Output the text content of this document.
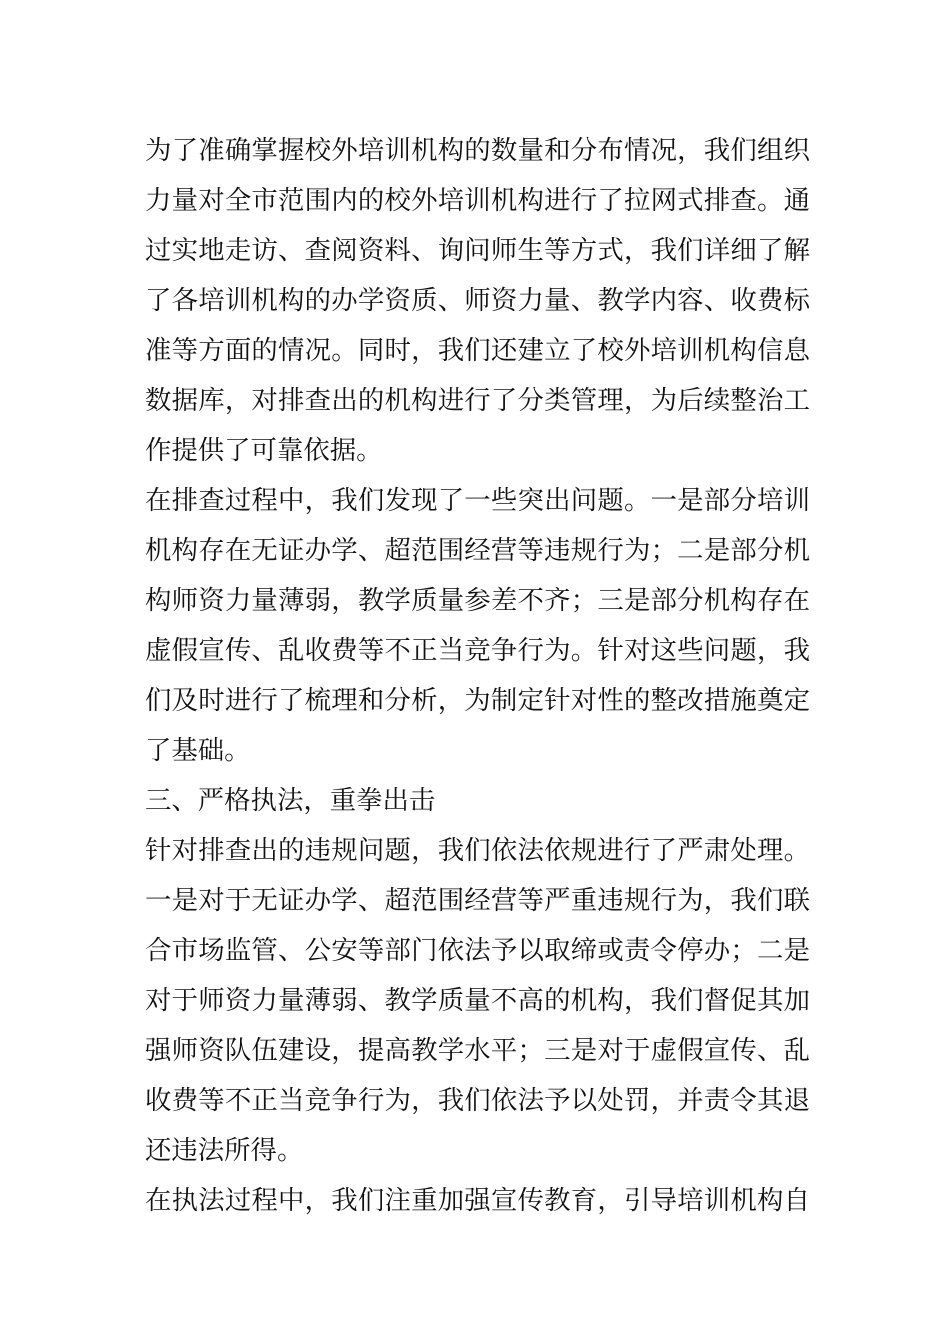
为了准确掌握校外培训机构的数量和分布情况，我们组织
力量对全市范围内的校外培训机构进行了拉网式排查。通
过实地走访、查阅资料、询问师生等方式，我们详细了解
了各培训机构的办学资质、师资力量、教学内容、收费标
准等方面的情况。同时，我们还建立了校外培训机构信息
数据库，对排查出的机构进行了分类管理，为后续整治工
作提供了可靠依据。
在排查过程中，我们发现了一些突出问题。一是部分培训
机构存在无证办学、超范围经营等违规行为；二是部分机
构师资力量薄弱，教学质量参差不齐；三是部分机构存在
虚假宣传、乱收费等不正当竞争行为。针对这些问题，我
们及时进行了梳理和分析，为制定针对性的整改措施奠定
了基础。
三、严格执法，重拳出击
针对排查出的违规问题，我们依法依规进行了严肃处理。
一是对于无证办学、超范围经营等严重违规行为，我们联
合市场监管、公安等部门依法予以取缔或责令停办；二是
对于师资力量薄弱、教学质量不高的机构，我们督促其加
强师资队伍建设，提高教学水平；三是对于虚假宣传、乱
收费等不正当竞争行为，我们依法予以处罚，并责令其退
还违法所得。
在执法过程中，我们注重加强宣传教育，引导培训机构自
